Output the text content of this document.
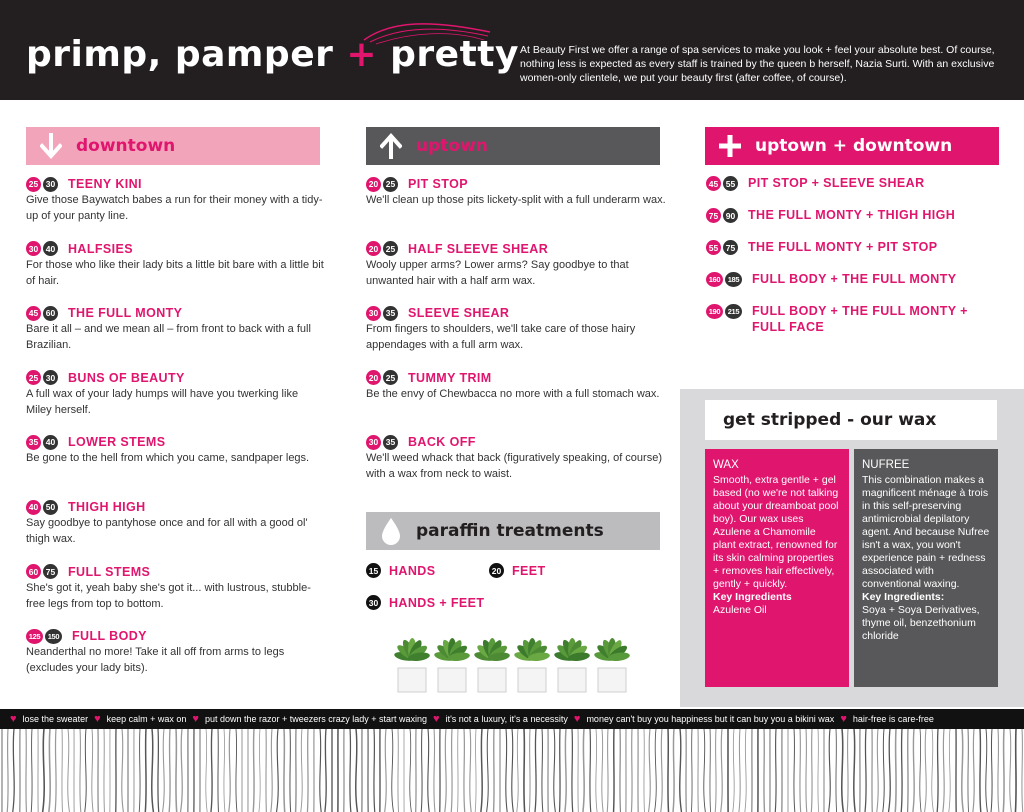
primp, pamper + pretty At Beauty First we offer a range of spa services to make you look + feel your absolute best. Of course, nothing less is expected as every staff is trained by the queen b herself, Nazia Surti. With an exclusive women-only clientele, we put your beauty first (after coffee, of course).

downtown
25 30 TEENY KINI
Give those Baywatch babes a run for their money with a tidy-up of your panty line.
30 40 HALFSIES
For those who like their lady bits a little bit bare with a little bit of hair.
45 60 THE FULL MONTY
Bare it all – and we mean all – from front to back with a full Brazilian.
25 30 BUNS OF BEAUTY
A full wax of your lady humps will have you twerking like Miley herself.
35 40 LOWER STEMS
Be gone to the hell from which you came, sandpaper legs.
40 50 THIGH HIGH
Say goodbye to pantyhose once and for all with a good ol' thigh wax.
60 75 FULL STEMS
She's got it, yeah baby she's got it... with lustrous, stubble-free legs from top to bottom.
125 150 FULL BODY
Neanderthal no more! Take it all off from arms to legs (excludes your lady bits).
uptown
20 25 PIT STOP
We'll clean up those pits lickety-split with a full underarm wax.
20 25 HALF SLEEVE SHEAR
Wooly upper arms? Lower arms? Say goodbye to that unwanted hair with a half arm wax.
30 35 SLEEVE SHEAR
From fingers to shoulders, we'll take care of those hairy appendages with a full arm wax.
20 25 TUMMY TRIM
Be the envy of Chewbacca no more with a full stomach wax.
30 35 BACK OFF
We'll weed whack that back (figuratively speaking, of course) with a wax from neck to waist.
uptown + downtown
45 55 PIT STOP + SLEEVE SHEAR
75 90 THE FULL MONTY + THIGH HIGH
55 75 THE FULL MONTY + PIT STOP
160 185 FULL BODY + THE FULL MONTY
190 215 FULL BODY + THE FULL MONTY + FULL FACE
paraffin treatments
15 HANDS	20 FEET
30 HANDS + FEET
get stripped - our wax
WAX
Smooth, extra gentle + gel based (no we're not talking about your dreamboat pool boy). Our wax uses Azulene a Chamomile plant extract, renowned for its skin calming properties + removes hair effectively, gently + quickly.
Key Ingredients
Azulene Oil
NUFREE
This combination makes a magnificent ménage à trois in this self-preserving antimicrobial depilatory agent. And because Nufree isn't a wax, you won't experience pain + redness associated with conventional waxing.
Key Ingredients:
Soya + Soya Derivatives, thyme oil, benzethonium chloride
♥ lose the sweater ♥ keep calm + wax on ♥ put down the razor + tweezers crazy lady + start waxing ♥ it's not a luxury, it's a necessity ♥ money can't buy you happiness but it can buy you a bikini wax ♥ hair-free is care-free
